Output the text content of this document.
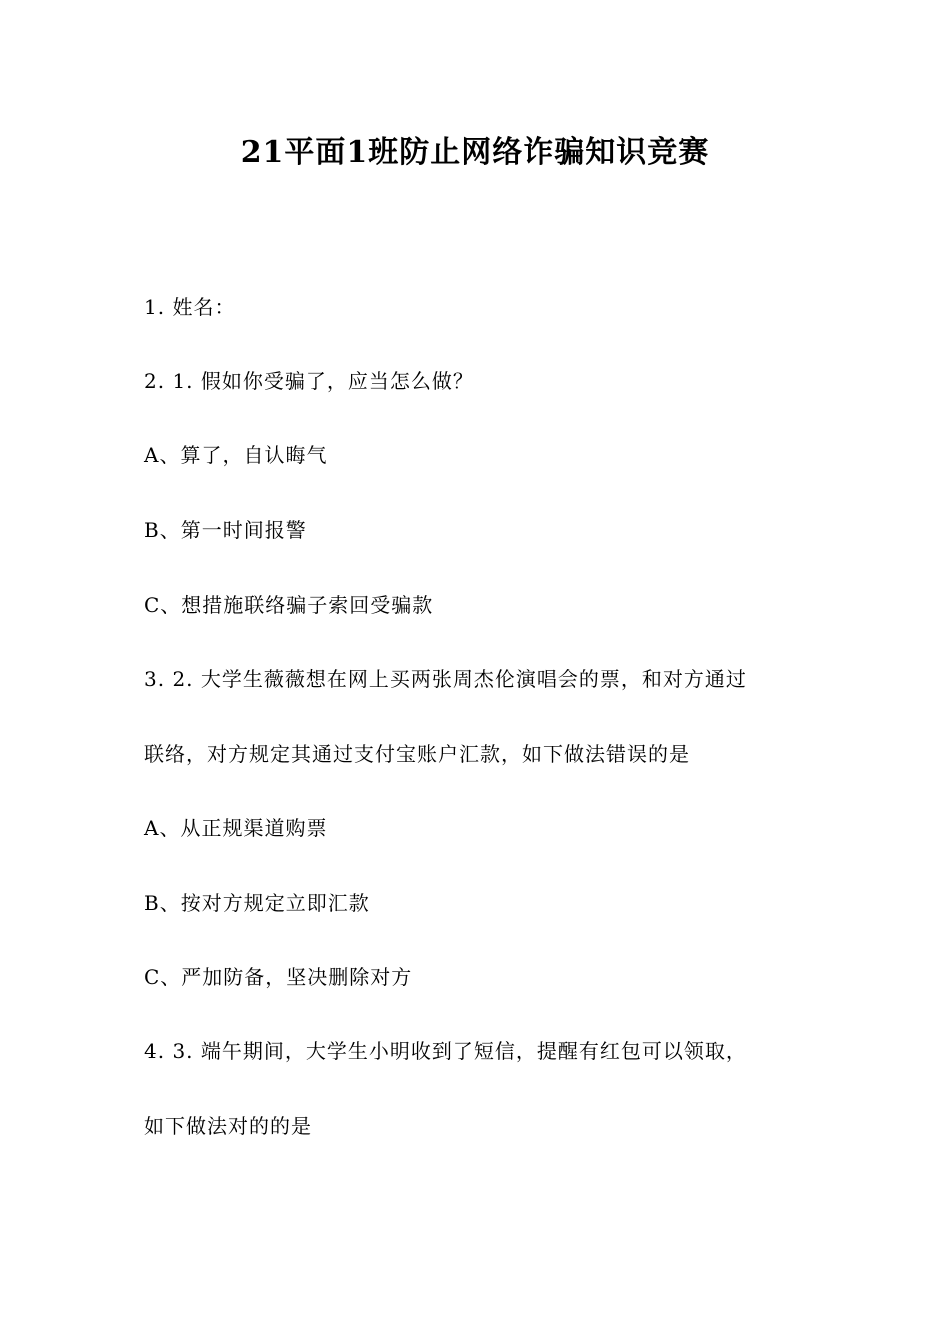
21平面1班防止网络诈骗知识竞赛
1. 姓名：
2. 1. 假如你受骗了，应当怎么做？
A、算了，自认晦气
B、第一时间报警
C、想措施联络骗子索回受骗款
3. 2. 大学生薇薇想在网上买两张周杰伦演唱会的票，和对方通过
联络，对方规定其通过支付宝账户汇款，如下做法错误的是
A、从正规渠道购票
B、按对方规定立即汇款
C、严加防备，坚决删除对方
4. 3. 端午期间，大学生小明收到了短信，提醒有红包可以领取，
如下做法对的的是
